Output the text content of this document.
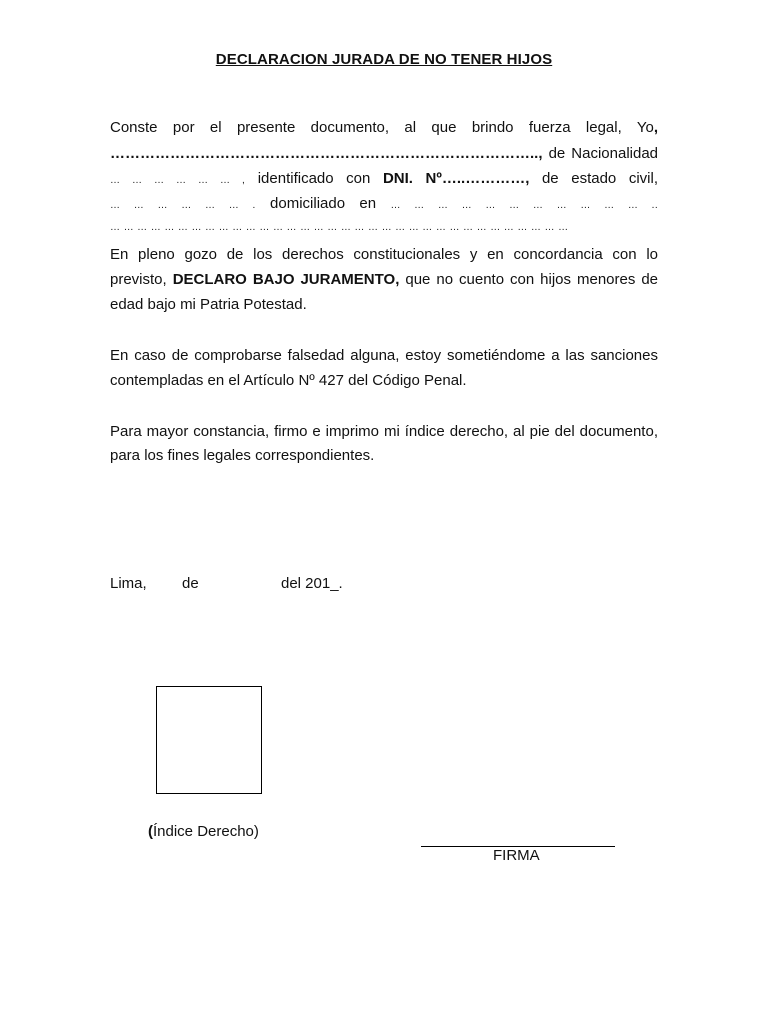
DECLARACION JURADA DE NO TENER HIJOS
Conste por el presente documento, al que brindo fuerza legal, Yo,
………………………………………………………………………….., de Nacionalidad
… … … … … … , identificado con DNI. Nº…..…………, de estado civil,
… … … … … … . domiciliado en … … … … … … … … … … … ..
… … … … … … … … … … … … … … … … … … … … … … … … … … … … … … … … … …
En pleno gozo de los derechos constitucionales y en concordancia con lo
previsto, DECLARO BAJO JURAMENTO, que no cuento con hijos menores de
edad bajo mi Patria Potestad.
En caso de comprobarse falsedad alguna, estoy sometiéndome a las sanciones
contempladas en el Artículo Nº 427 del Código Penal.
Para mayor constancia, firmo e imprimo mi índice derecho, al pie del documento,
para los fines legales correspondientes.
Lima, de	del 201_.
(Índice Derecho)
FIRMA
